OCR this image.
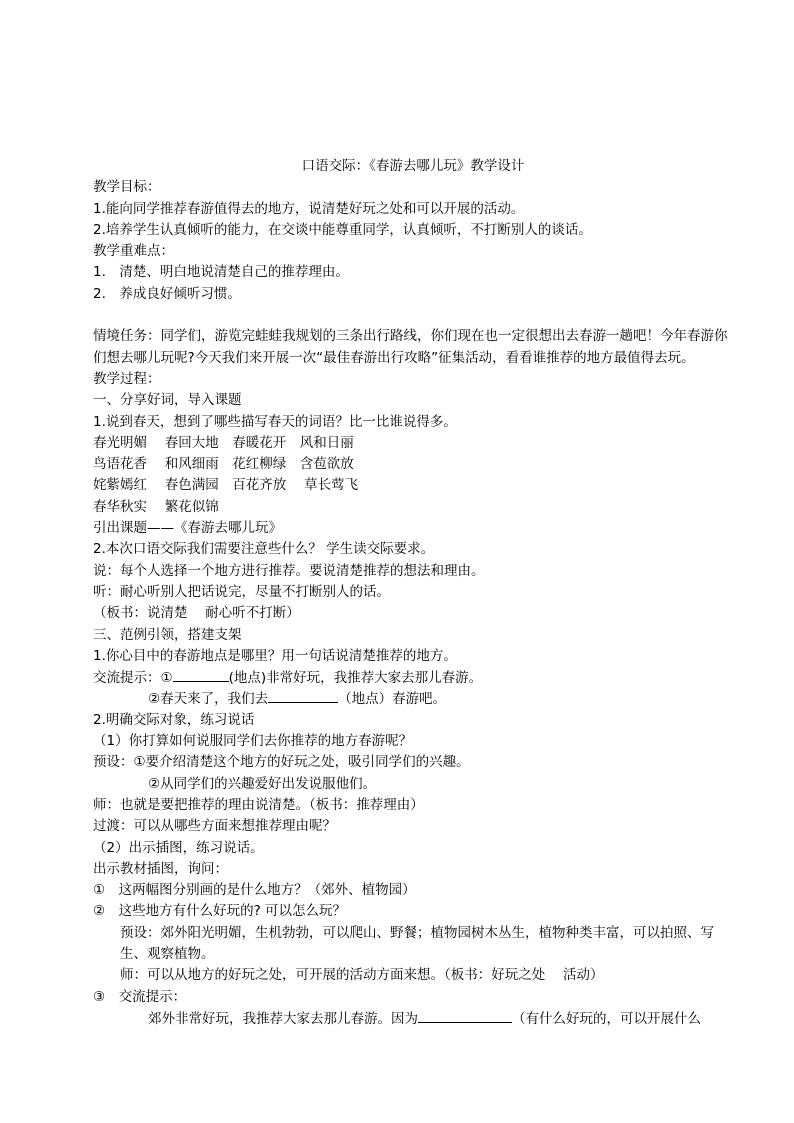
口语交际：《春游去哪儿玩》教学设计
教学目标：
1.能向同学推荐春游值得去的地方，说清楚好玩之处和可以开展的活动。
2.培养学生认真倾听的能力，在交谈中能尊重同学，认真倾听，不打断别人的谈话。
教学重难点：
1.　清楚、明白地说清楚自己的推荐理由。
2.　养成良好倾听习惯。
情境任务：同学们，游览完蛙蛙我规划的三条出行路线，你们现在也一定很想出去春游一趟吧！今年春游你们想去哪儿玩呢?今天我们来开展一次“最佳春游出行攻略”征集活动，看看谁推荐的地方最值得去玩。
教学过程：
一、分享好词，导入课题
1.说到春天，想到了哪些描写春天的词语？比一比谁说得多。
春光明媚　 春回大地　春暖花开　风和日丽
鸟语花香　 和风细雨　花红柳绿　含苞欲放
姹紫嫣红　 春色满园　百花齐放　 草长莺飞
春华秋实　 繁花似锦
引出课题——《春游去哪儿玩》
2.本次口语交际我们需要注意些什么？ 学生读交际要求。
说：每个人选择一个地方进行推荐。要说清楚推荐的想法和理由。
听：耐心听别人把话说完，尽量不打断别人的话。
（板书：说清楚　 耐心听不打断）
三、范例引领，搭建支架
1.你心目中的春游地点是哪里？用一句话说清楚推荐的地方。
交流提示：①	(地点)非常好玩，我推荐大家去那儿春游。
②春天来了，我们去	（地点）春游吧。
2.明确交际对象，练习说话
（1）你打算如何说服同学们去你推荐的地方春游呢？
预设：①要介绍清楚这个地方的好玩之处，吸引同学们的兴趣。
②从同学们的兴趣爱好出发说服他们。
师：也就是要把推荐的理由说清楚。（板书：推荐理由）
过渡：可以从哪些方面来想推荐理由呢？
（2）出示插图，练习说话。
出示教材插图，询问：
①　这两幅图分别画的是什么地方？（郊外、植物园）
②　这些地方有什么好玩的? 可以怎么玩？
预设：郊外阳光明媚，生机勃勃，可以爬山、野餐；植物园树木丛生，植物种类丰富，可以拍照、写生、观察植物。
师：可以从地方的好玩之处，可开展的活动方面来想。（板书：好玩之处　 活动）
③　交流提示：
郊外非常好玩，我推荐大家去那儿春游。因为	（有什么好玩的，可以开展什么
